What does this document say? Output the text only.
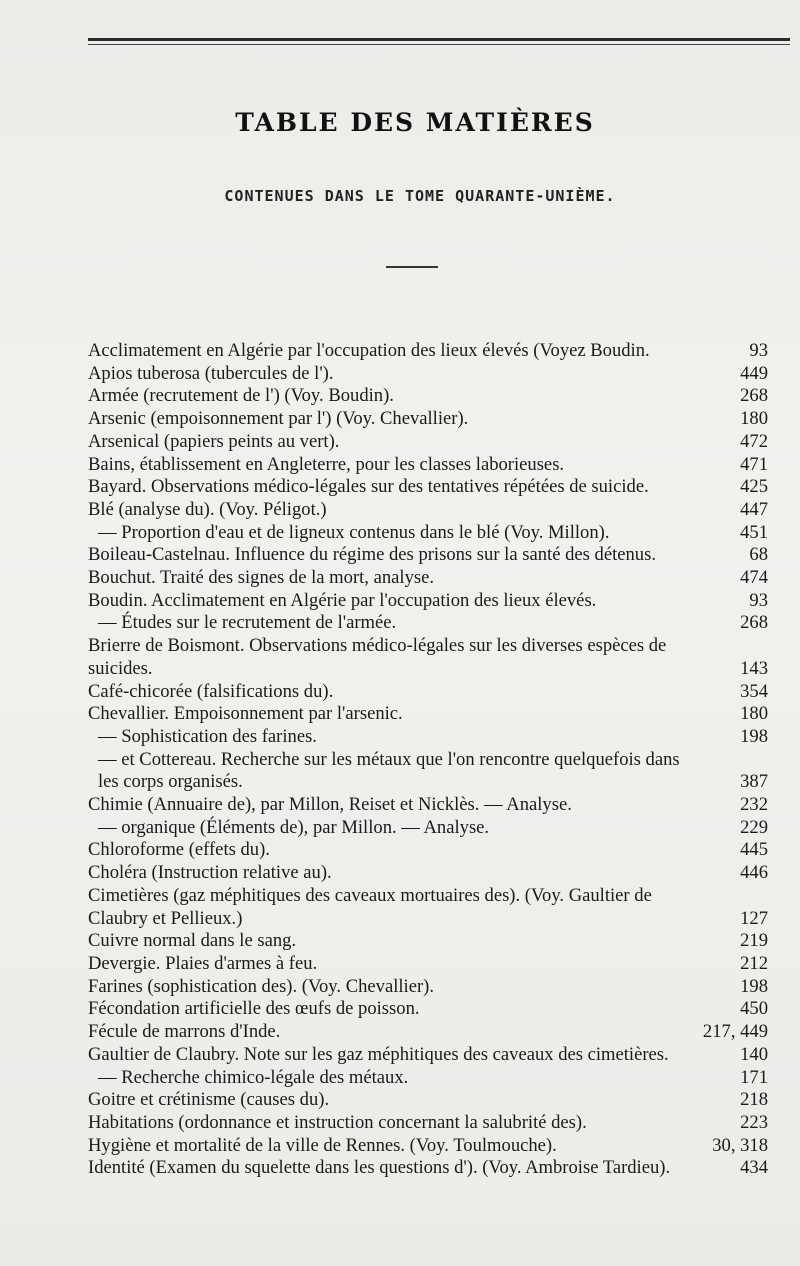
TABLE DES MATIÈRES
CONTENUES DANS LE TOME QUARANTE-UNIÈME.
Acclimatement en Algérie par l'occupation des lieux élevés (Voyez Boudin.	93
Apios tuberosa (tubercules de l').	449
Armée (recrutement de l') (Voy. Boudin).	268
Arsenic (empoisonnement par l') (Voy. Chevallier).	180
Arsenical (papiers peints au vert).	472
Bains, établissement en Angleterre, pour les classes laborieuses.	471
Bayard. Observations médico-légales sur des tentatives répétées de suicide.	425
Blé (analyse du). (Voy. Péligot.)	447
— Proportion d'eau et de ligneux contenus dans le blé (Voy. Millon).	451
Boileau-Castelnau. Influence du régime des prisons sur la santé des détenus.	68
Bouchut. Traité des signes de la mort, analyse.	474
Boudin. Acclimatement en Algérie par l'occupation des lieux élevés.	93
— Études sur le recrutement de l'armée.	268
Brierre de Boismont. Observations médico-légales sur les diverses espèces de suicides.	143
Café-chicorée (falsifications du).	354
Chevallier. Empoisonnement par l'arsenic.	180
— Sophistication des farines.	198
— et Cottereau. Recherche sur les métaux que l'on rencontre quelquefois dans les corps organisés.	387
Chimie (Annuaire de), par Millon, Reiset et Nicklès. — Analyse.	232
— organique (Éléments de), par Millon. — Analyse.	229
Chloroforme (effets du).	445
Choléra (Instruction relative au).	446
Cimetières (gaz méphitiques des caveaux mortuaires des). (Voy. Gaultier de Claubry et Pellieux.)	127
Cuivre normal dans le sang.	219
Devergie. Plaies d'armes à feu.	212
Farines (sophistication des). (Voy. Chevallier).	198
Fécondation artificielle des œufs de poisson.	450
Fécule de marrons d'Inde.	217, 449
Gaultier de Claubry. Note sur les gaz méphitiques des caveaux des cimetières.	140
— Recherche chimico-légale des métaux.	171
Goitre et crétinisme (causes du).	218
Habitations (ordonnance et instruction concernant la salubrité des).	223
Hygiène et mortalité de la ville de Rennes. (Voy. Toulmouche).	30, 318
Identité (Examen du squelette dans les questions d'). (Voy. Ambroise Tardieu).	434
